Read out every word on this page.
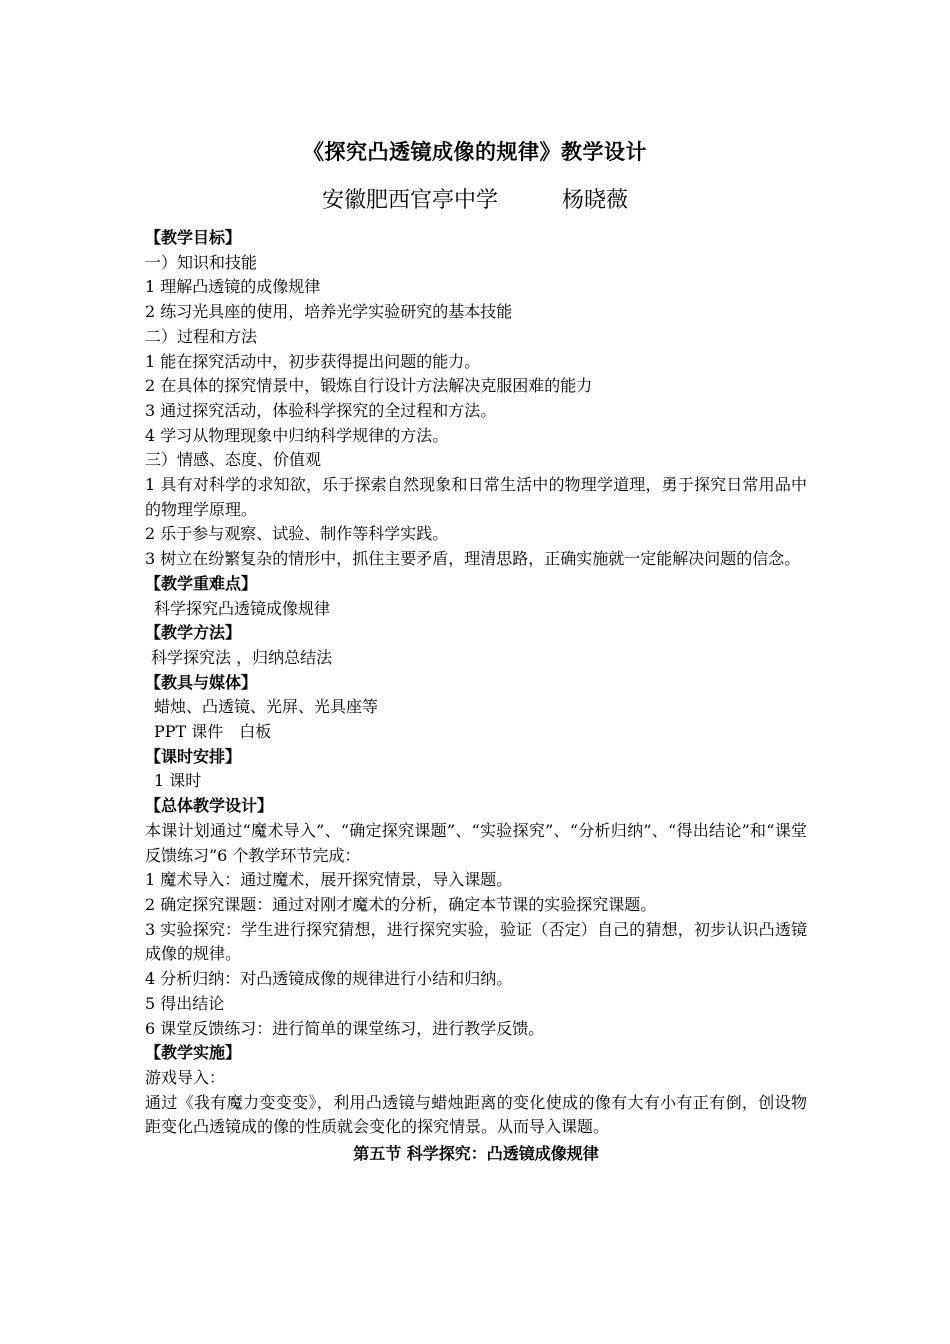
《探究凸透镜成像的规律》教学设计
安徽肥西官亭中学	杨晓薇

【教学目标】

一）知识和技能

1 理解凸透镜的成像规律

2 练习光具座的使用，培养光学实验研究的基本技能

二）过程和方法

1 能在探究活动中，初步获得提出问题的能力。

2 在具体的探究情景中，锻炼自行设计方法解决克服困难的能力

3 通过探究活动，体验科学探究的全过程和方法。

4 学习从物理现象中归纳科学规律的方法。

三）情感、态度、价值观

1 具有对科学的求知欲，乐于探索自然现象和日常生活中的物理学道理，勇于探究日常用品中的物理学原理。

2 乐于参与观察、试验、制作等科学实践。

3 树立在纷繁复杂的情形中，抓住主要矛盾，理清思路，正确实施就一定能解决问题的信念。

【教学重难点】

科学探究凸透镜成像规律

【教学方法】

科学探究法 ，归纳总结法

【教具与媒体】

蜡烛、凸透镜、光屏、光具座等

PPT 课件　白板

【课时安排】

1 课时

【总体教学设计】

本课计划通过“魔术导入”、“确定探究课题”、“实验探究”、“分析归纳”、“得出结论”和“课堂反馈练习”6 个教学环节完成：

1 魔术导入：通过魔术，展开探究情景，导入课题。

2 确定探究课题：通过对刚才魔术的分析，确定本节课的实验探究课题。

3 实验探究：学生进行探究猜想，进行探究实验，验证（否定）自己的猜想，初步认识凸透镜成像的规律。

4 分析归纳：对凸透镜成像的规律进行小结和归纳。

5 得出结论

6 课堂反馈练习：进行简单的课堂练习，进行教学反馈。

【教学实施】

游戏导入：

通过《我有魔力变变变》，利用凸透镜与蜡烛距离的变化使成的像有大有小有正有倒，创设物距变化凸透镜成的像的性质就会变化的探究情景。从而导入课题。

第五节 科学探究：凸透镜成像规律
